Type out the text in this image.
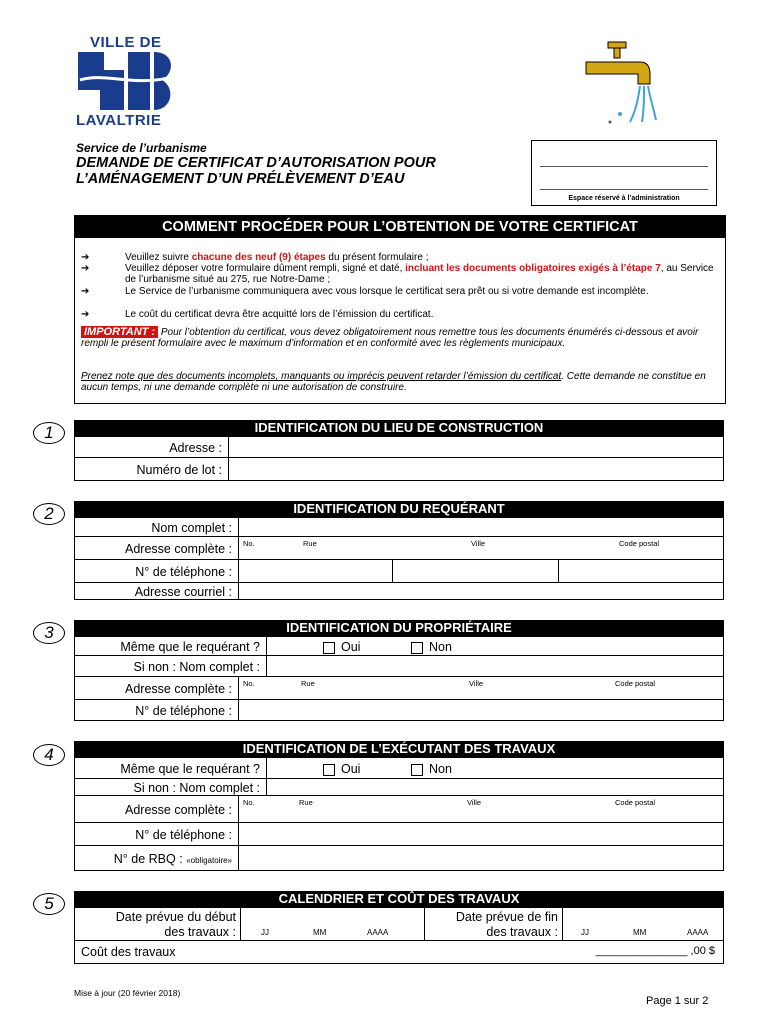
VILLE DE
LAVALTRIE
Service de l’urbanisme
DEMANDE DE CERTIFICAT D’AUTORISATION POUR
L’AMÉNAGEMENT D’UN PRÉLÈVEMENT D’EAU
Espace réservé à l’administration
COMMENT PROCÉDER POUR L’OBTENTION DE VOTRE CERTIFICAT
➔	Veuillez suivre chacune des neuf (9) étapes du présent formulaire ;
➔	Veuillez déposer votre formulaire dûment rempli, signé et daté, incluant les documents obligatoires exigés à l’étape 7, au Service de l’urbanisme situé au 275, rue Notre-Dame ;
➔	Le Service de l’urbanisme communiquera avec vous lorsque le certificat sera prêt ou si votre demande est incomplète.
➔	Le coût du certificat devra être acquitté lors de l’émission du certificat.
IMPORTANT : Pour l’obtention du certificat, vous devez obligatoirement nous remettre tous les documents énumérés ci-dessous et avoir rempli le présent formulaire avec le maximum d’information et en conformité avec les règlements municipaux.
Prenez note que des documents incomplets, manquants ou imprécis peuvent retarder l’émission du certificat. Cette demande ne constitue en aucun temps, ni une demande complète ni une autorisation de construire.
1	IDENTIFICATION DU LIEU DE CONSTRUCTION
Adresse :
Numéro de lot :
2	IDENTIFICATION DU REQUÉRANT
Nom complet :
Adresse complète :	No.	Rue	Ville	Code postal
N° de téléphone :
Adresse courriel :
3	IDENTIFICATION DU PROPRIÉTAIRE
Même que le requérant ?	Oui	Non
Si non : Nom complet :
Adresse complète :	No.	Rue	Ville	Code postal
N° de téléphone :
4	IDENTIFICATION DE L’EXÉCUTANT DES TRAVAUX
Même que le requérant ?	Oui	Non
Si non : Nom complet :
Adresse complète :
No.	Rue	Ville	Code postal
N° de téléphone :
N° de RBQ : «obligatoire»
5	CALENDRIER ET COÛT DES TRAVAUX
Date prévue du début
des travaux :	JJ	MM	AAAA
Date prévue de fin
des travaux :	JJ	MM	AAAA
Coût des travaux	_______________ ,00 $
Mise à jour (20 février 2018)
Page 1 sur 2
